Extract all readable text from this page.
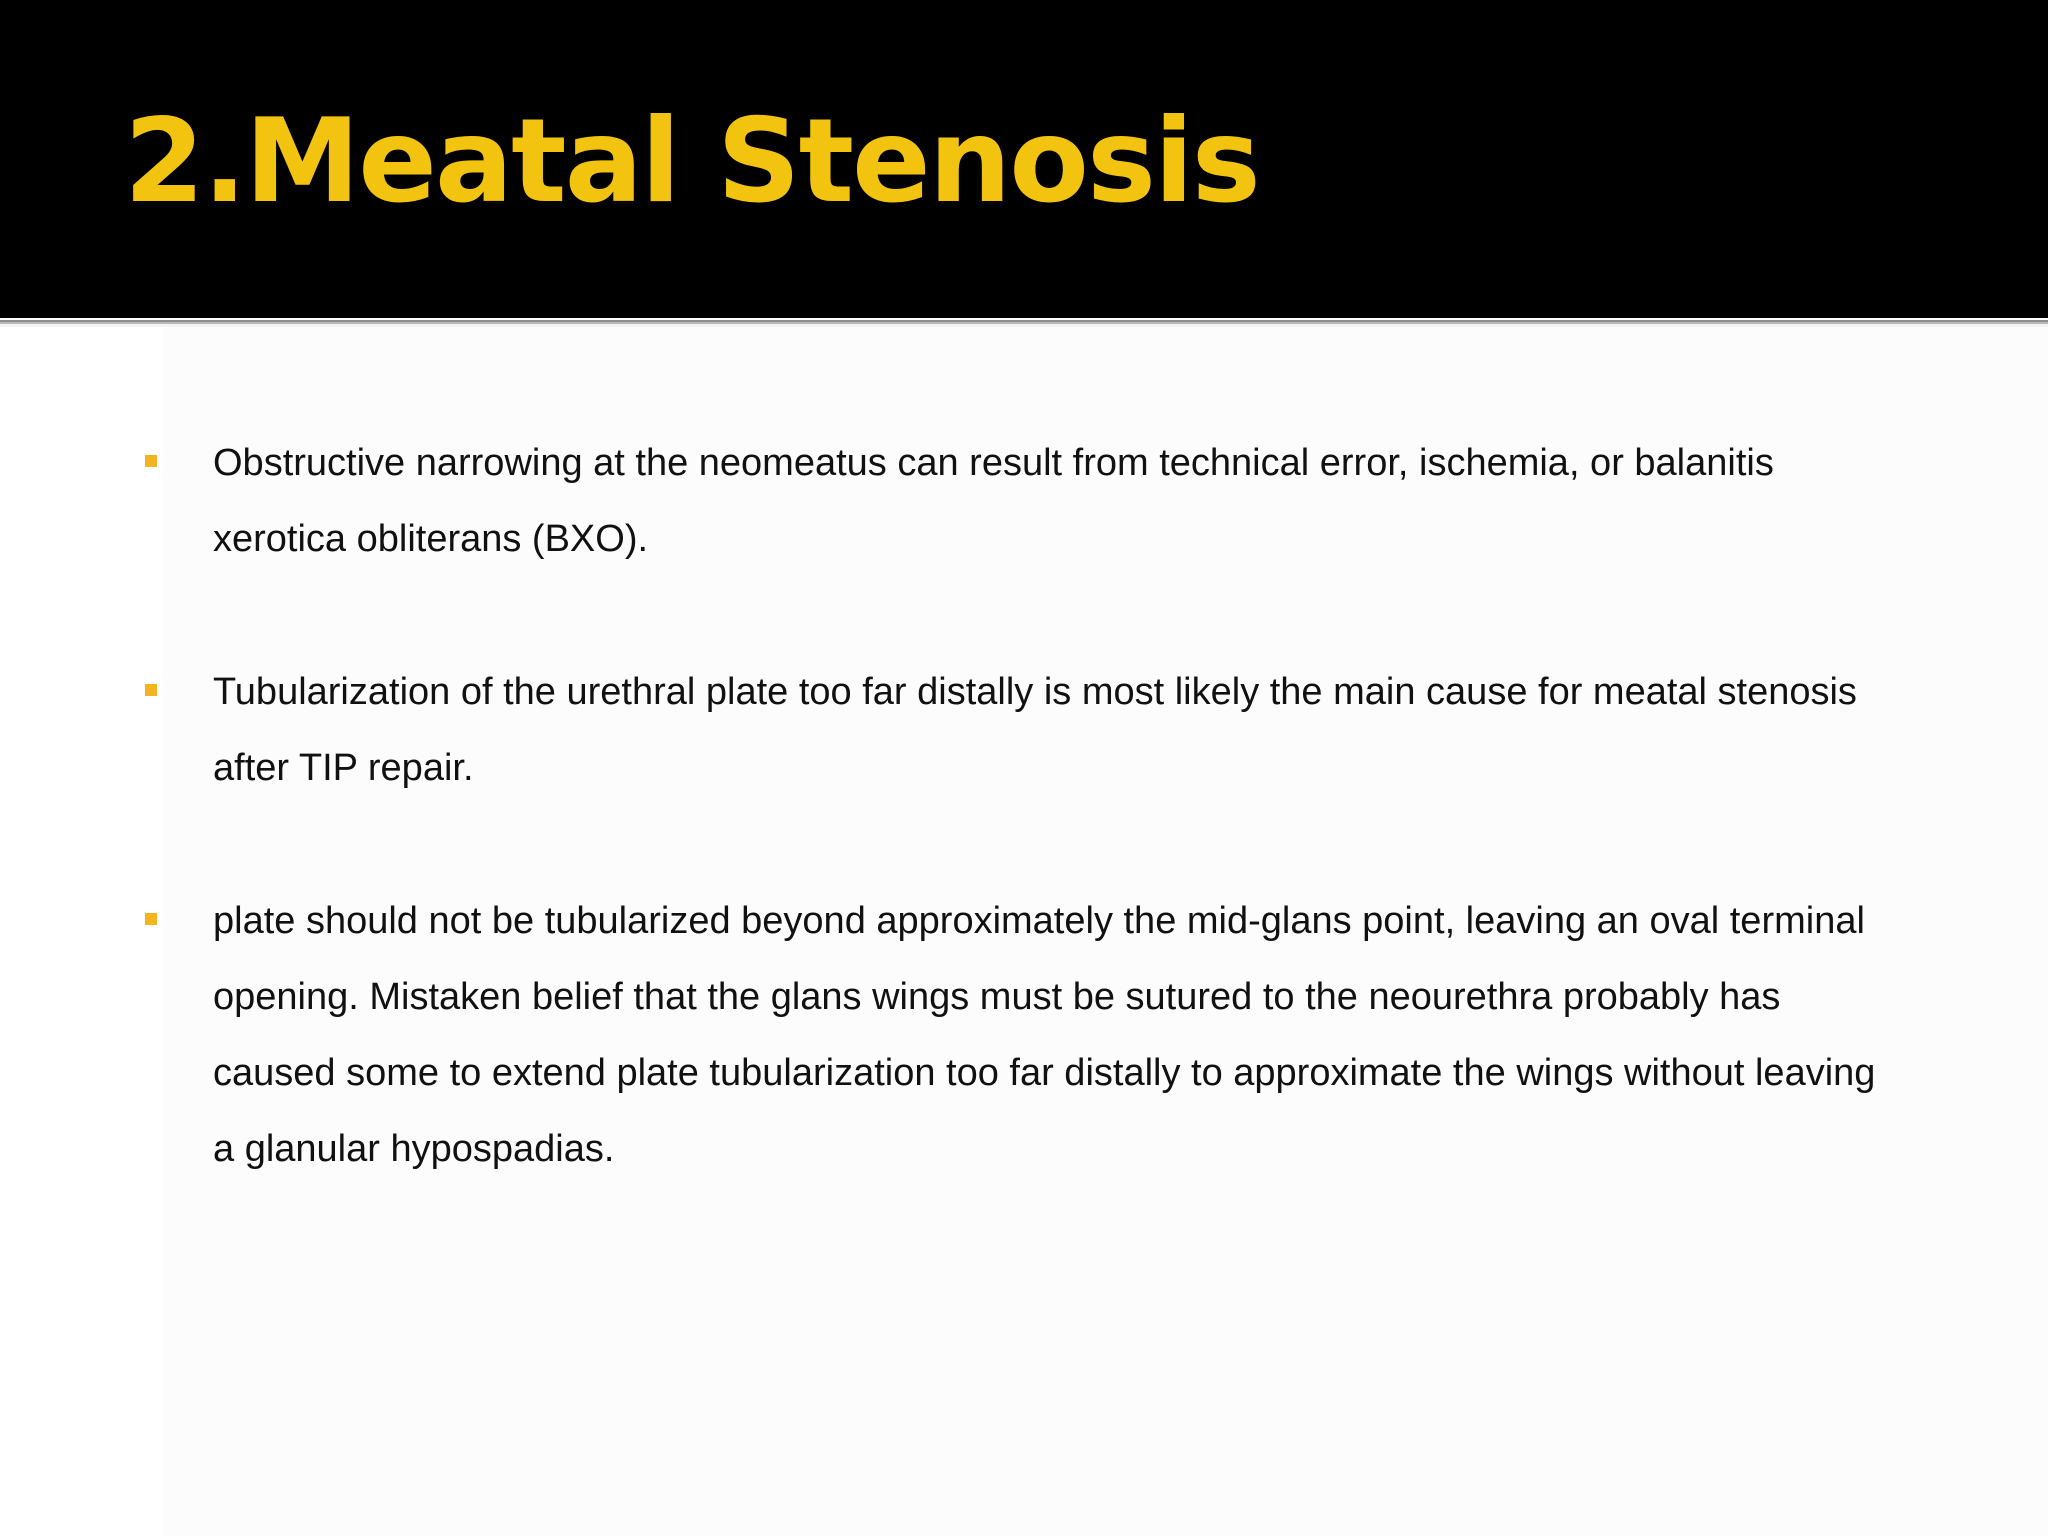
2.Meatal Stenosis
Obstructive narrowing at the neomeatus can result from technical error, ischemia, or balanitis xerotica obliterans (BXO).
Tubularization of the urethral plate too far distally is most likely the main cause for meatal stenosis after TIP repair.
plate should not be tubularized beyond approximately the mid-glans point, leaving an oval terminal opening. Mistaken belief that the glans wings must be sutured to the neourethra probably has caused some to extend plate tubularization too far distally to approximate the wings without leaving a glanular hypospadias.
